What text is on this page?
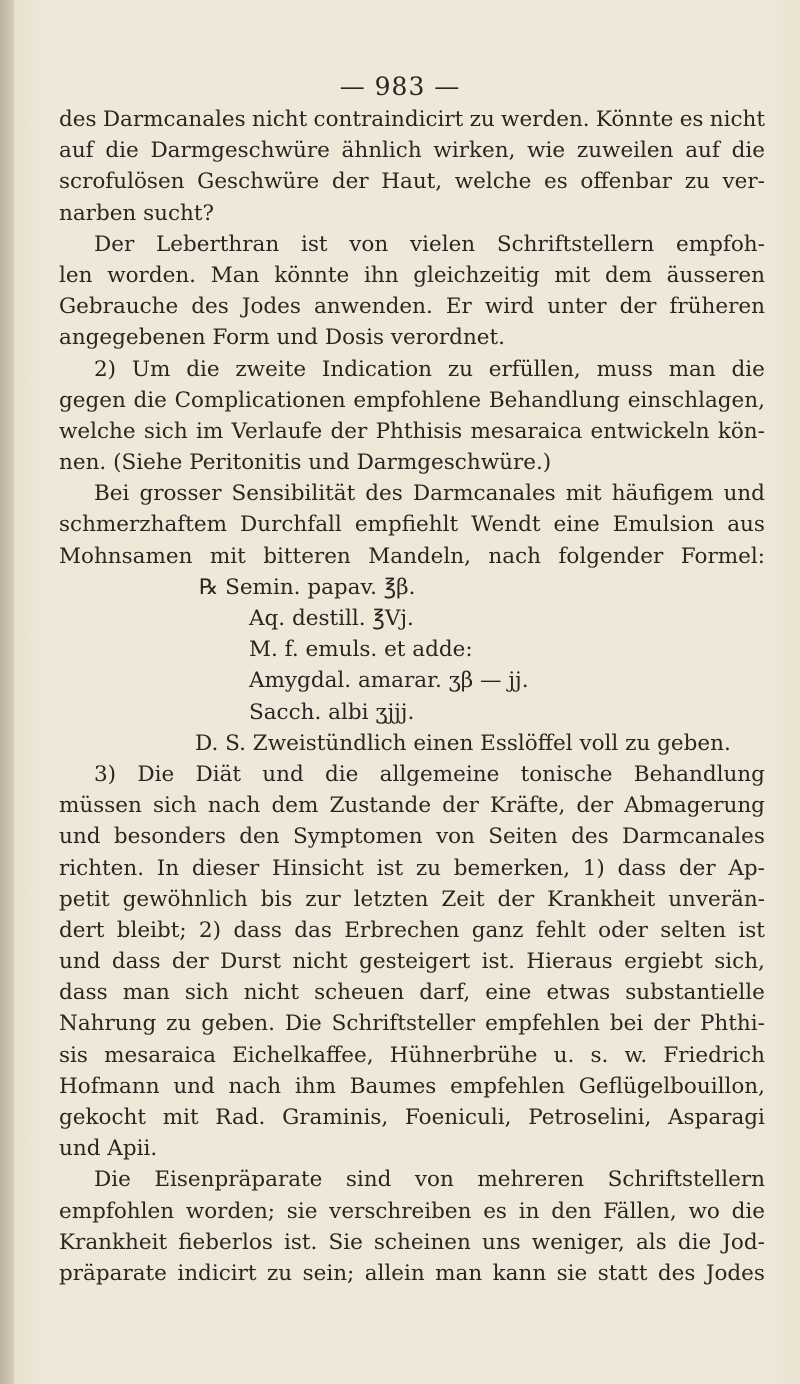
— 983 —
des Darmcanales nicht contraindicirt zu werden. Könnte es nicht
auf die Darmgeschwüre ähnlich wirken, wie zuweilen auf die
scrofulösen Geschwüre der Haut, welche es offenbar zu ver-
narben sucht?
Der Leberthran ist von vielen Schriftstellern empfoh-
len worden. Man könnte ihn gleichzeitig mit dem äusseren
Gebrauche des Jodes anwenden. Er wird unter der früheren
angegebenen Form und Dosis verordnet.
2) Um die zweite Indication zu erfüllen, muss man die
gegen die Complicationen empfohlene Behandlung einschlagen,
welche sich im Verlaufe der Phthisis mesaraica entwickeln kön-
nen. (Siehe Peritonitis und Darmgeschwüre.)
Bei grosser Sensibilität des Darmcanales mit häufigem und
schmerzhaftem Durchfall empfiehlt Wendt eine Emulsion aus
Mohnsamen mit bitteren Mandeln, nach folgender Formel:
℞ Semin. papav. ℥β.
Aq. destill. ℥Vj.
M. f. emuls. et adde:
Amygdal. amarar. ʒβ — jj.
Sacch. albi ʒjjj.
D. S. Zweistündlich einen Esslöffel voll zu geben.
3) Die Diät und die allgemeine tonische Behandlung
müssen sich nach dem Zustande der Kräfte, der Abmagerung
und besonders den Symptomen von Seiten des Darmcanales
richten. In dieser Hinsicht ist zu bemerken, 1) dass der Ap-
petit gewöhnlich bis zur letzten Zeit der Krankheit unverän-
dert bleibt; 2) dass das Erbrechen ganz fehlt oder selten ist
und dass der Durst nicht gesteigert ist. Hieraus ergiebt sich,
dass man sich nicht scheuen darf, eine etwas substantielle
Nahrung zu geben. Die Schriftsteller empfehlen bei der Phthi-
sis mesaraica Eichelkaffee, Hühnerbrühe u. s. w. Friedrich
Hofmann und nach ihm Baumes empfehlen Geflügelbouillon,
gekocht mit Rad. Graminis, Foeniculi, Petroselini, Asparagi
und Apii.
Die Eisenpräparate sind von mehreren Schriftstellern
empfohlen worden; sie verschreiben es in den Fällen, wo die
Krankheit fieberlos ist. Sie scheinen uns weniger, als die Jod-
präparate indicirt zu sein; allein man kann sie statt des Jodes
